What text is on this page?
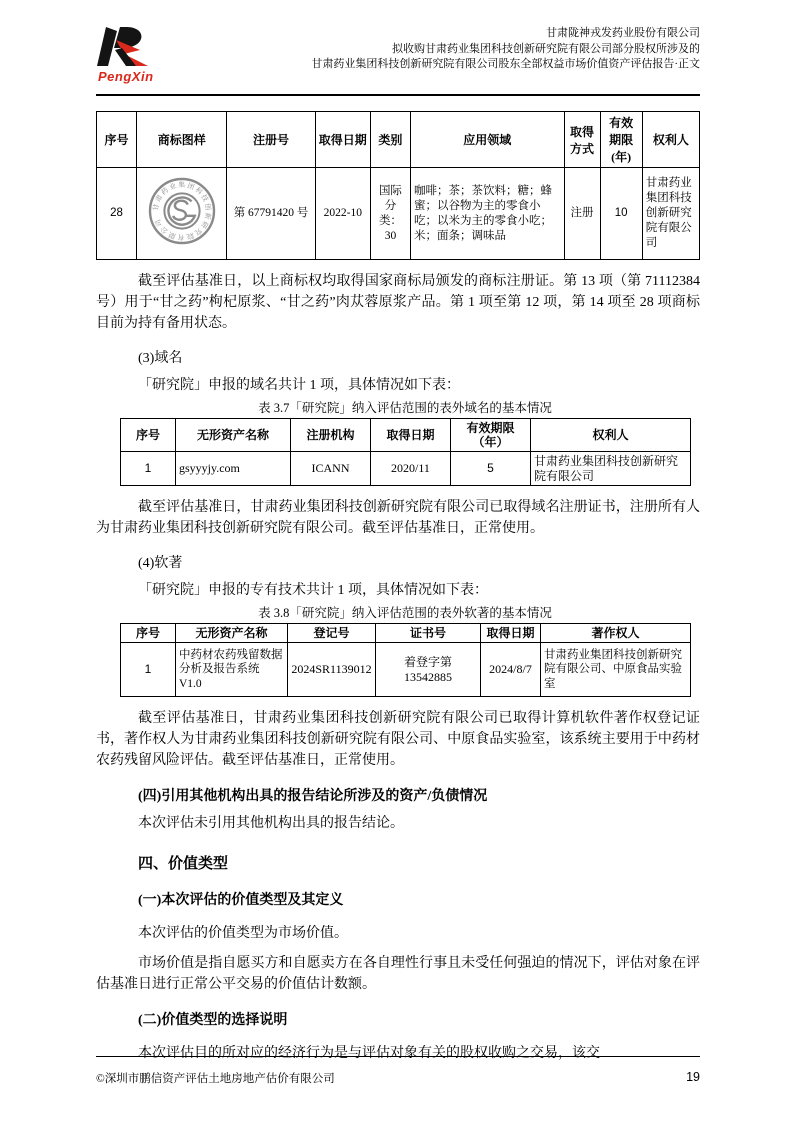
PengXin
甘肃陇神戎发药业股份有限公司
拟收购甘肃药业集团科技创新研究院有限公司部分股权所涉及的
甘肃药业集团科技创新研究院有限公司股东全部权益市场价值资产评估报告·正文
序号	商标图样	注册号	取得日期	类别	应用领域	取得方式	有效期限(年)	权利人
28	甘肃药业集团科技创新研究院有限公司	第 67791420 号	2022-10	国际分类：30	咖啡；茶；茶饮料；糖；蜂蜜；以谷物为主的零食小吃；以米为主的零食小吃；米；面条；调味品	注册	10	甘肃药业集团科技创新研究院有限公司

截至评估基准日，以上商标权均取得国家商标局颁发的商标注册证。第 13 项（第 71112384 号）用于“甘之药”枸杞原浆、“甘之药”肉苁蓉原浆产品。第 1 项至第 12 项，第 14 项至 28 项商标目前为持有备用状态。

(3)域名

「研究院」申报的域名共计 1 项，具体情况如下表：

表 3.7「研究院」纳入评估范围的表外域名的基本情况
序号	无形资产名称	注册机构	取得日期	有效期限（年）	权利人
1	gsyyyjy.com	ICANN	2020/11	5	甘肃药业集团科技创新研究院有限公司

截至评估基准日，甘肃药业集团科技创新研究院有限公司已取得域名注册证书，注册所有人为甘肃药业集团科技创新研究院有限公司。截至评估基准日，正常使用。

(4)软著

「研究院」申报的专有技术共计 1 项，具体情况如下表：

表 3.8「研究院」纳入评估范围的表外软著的基本情况
序号	无形资产名称	登记号	证书号	取得日期	著作权人
1	中药材农药残留数据分析及报告系统 V1.0	2024SR1139012	着登字第 13542885	2024/8/7	甘肃药业集团科技创新研究院有限公司、中原食品实验室

截至评估基准日，甘肃药业集团科技创新研究院有限公司已取得计算机软件著作权登记证书，著作权人为甘肃药业集团科技创新研究院有限公司、中原食品实验室，该系统主要用于中药材农药残留风险评估。截至评估基准日，正常使用。

(四)引用其他机构出具的报告结论所涉及的资产/负债情况

本次评估未引用其他机构出具的报告结论。

四、价值类型

(一)本次评估的价值类型及其定义

本次评估的价值类型为市场价值。

市场价值是指自愿买方和自愿卖方在各自理性行事且未受任何强迫的情况下，评估对象在评估基准日进行正常公平交易的价值估计数额。

(二)价值类型的选择说明

本次评估目的所对应的经济行为是与评估对象有关的股权收购之交易，该交

©深圳市鹏信资产评估土地房地产估价有限公司	19
